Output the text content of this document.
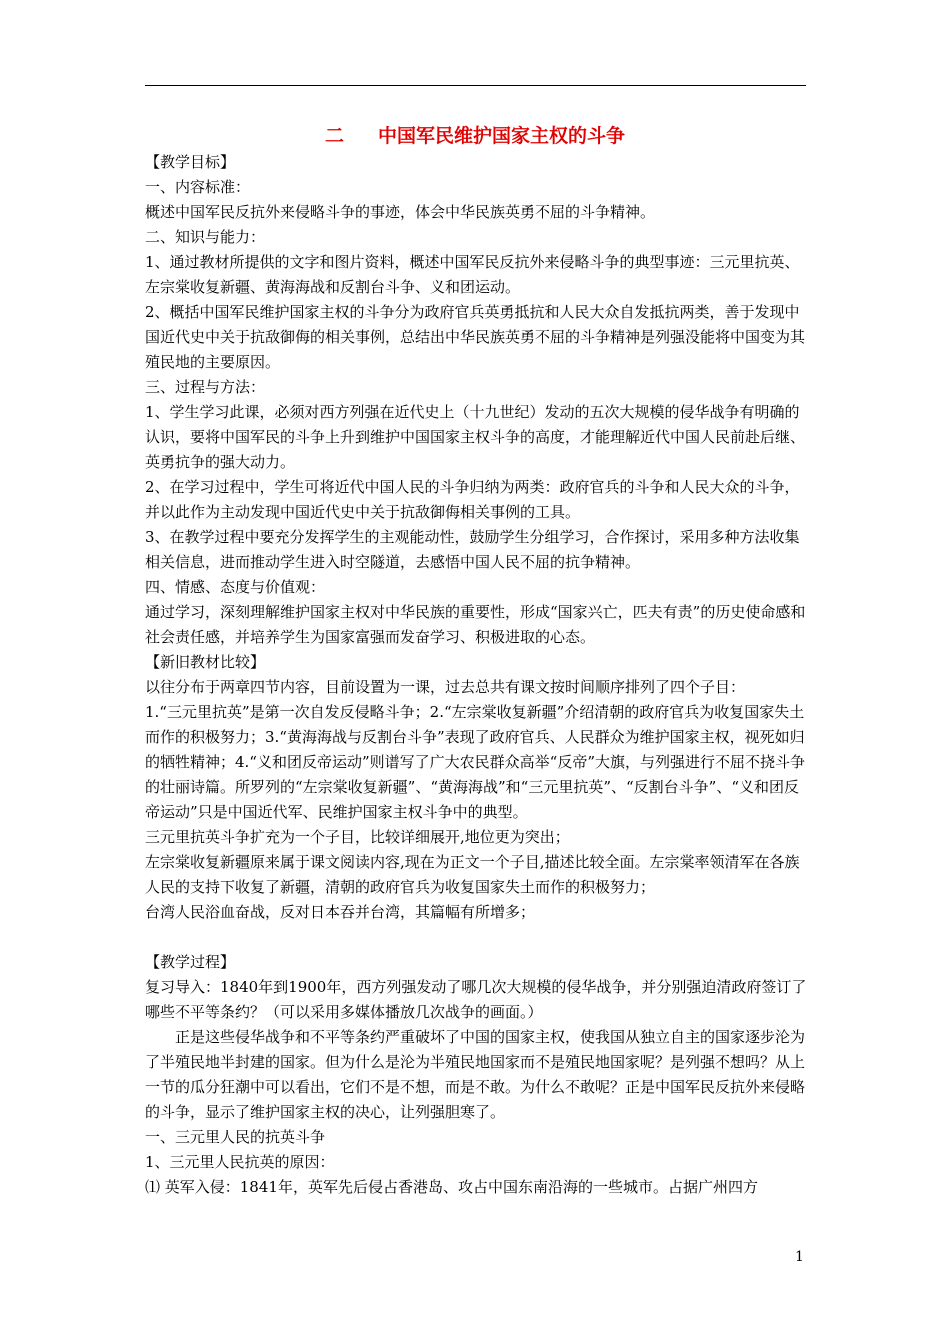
二 中国军民维护国家主权的斗争

【教学目标】

一、内容标准：

概述中国军民反抗外来侵略斗争的事迹，体会中华民族英勇不屈的斗争精神。

二、知识与能力：

1、通过教材所提供的文字和图片资料，概述中国军民反抗外来侵略斗争的典型事迹：三元里抗英、左宗棠收复新疆、黄海海战和反割台斗争、义和团运动。

2、概括中国军民维护国家主权的斗争分为政府官兵英勇抵抗和人民大众自发抵抗两类，善于发现中国近代史中关于抗敌御侮的相关事例，总结出中华民族英勇不屈的斗争精神是列强没能将中国变为其殖民地的主要原因。

三、过程与方法：

1、学生学习此课，必须对西方列强在近代史上（十九世纪）发动的五次大规模的侵华战争有明确的认识，要将中国军民的斗争上升到维护中国国家主权斗争的高度，才能理解近代中国人民前赴后继、英勇抗争的强大动力。

2、在学习过程中，学生可将近代中国人民的斗争归纳为两类：政府官兵的斗争和人民大众的斗争，并以此作为主动发现中国近代史中关于抗敌御侮相关事例的工具。

3、在教学过程中要充分发挥学生的主观能动性，鼓励学生分组学习，合作探讨，采用多种方法收集相关信息，进而推动学生进入时空隧道，去感悟中国人民不屈的抗争精神。

四、情感、态度与价值观：

通过学习，深刻理解维护国家主权对中华民族的重要性，形成“国家兴亡，匹夫有责”的历史使命感和社会责任感，并培养学生为国家富强而发奋学习、积极进取的心态。

【新旧教材比较】

以往分布于两章四节内容，目前设置为一课，过去总共有课文按时间顺序排列了四个子目：

1.“三元里抗英”是第一次自发反侵略斗争；2.“左宗棠收复新疆”介绍清朝的政府官兵为收复国家失土而作的积极努力；3.“黄海海战与反割台斗争”表现了政府官兵、人民群众为维护国家主权，视死如归的牺牲精神；4.“义和团反帝运动”则谱写了广大农民群众高举“反帝”大旗，与列强进行不屈不挠斗争的壮丽诗篇。所罗列的“左宗棠收复新疆”、“黄海海战”和“三元里抗英”、“反割台斗争”、“义和团反帝运动”只是中国近代军、民维护国家主权斗争中的典型。

三元里抗英斗争扩充为一个子目，比较详细展开,地位更为突出；

左宗棠收复新疆原来属于课文阅读内容,现在为正文一个子目,描述比较全面。左宗棠率领清军在各族人民的支持下收复了新疆，清朝的政府官兵为收复国家失土而作的积极努力；

台湾人民浴血奋战，反对日本吞并台湾，其篇幅有所增多；

【教学过程】

复习导入：1840年到1900年，西方列强发动了哪几次大规模的侵华战争，并分别强迫清政府签订了哪些不平等条约？（可以采用多媒体播放几次战争的画面。）

正是这些侵华战争和不平等条约严重破坏了中国的国家主权，使我国从独立自主的国家逐步沦为了半殖民地半封建的国家。但为什么是沦为半殖民地国家而不是殖民地国家呢？是列强不想吗？从上一节的瓜分狂潮中可以看出，它们不是不想，而是不敢。为什么不敢呢？正是中国军民反抗外来侵略的斗争，显示了维护国家主权的决心，让列强胆寒了。

一、三元里人民的抗英斗争

1、三元里人民抗英的原因：

⑴ 英军入侵：1841年，英军先后侵占香港岛、攻占中国东南沿海的一些城市。占据广州四方

1
